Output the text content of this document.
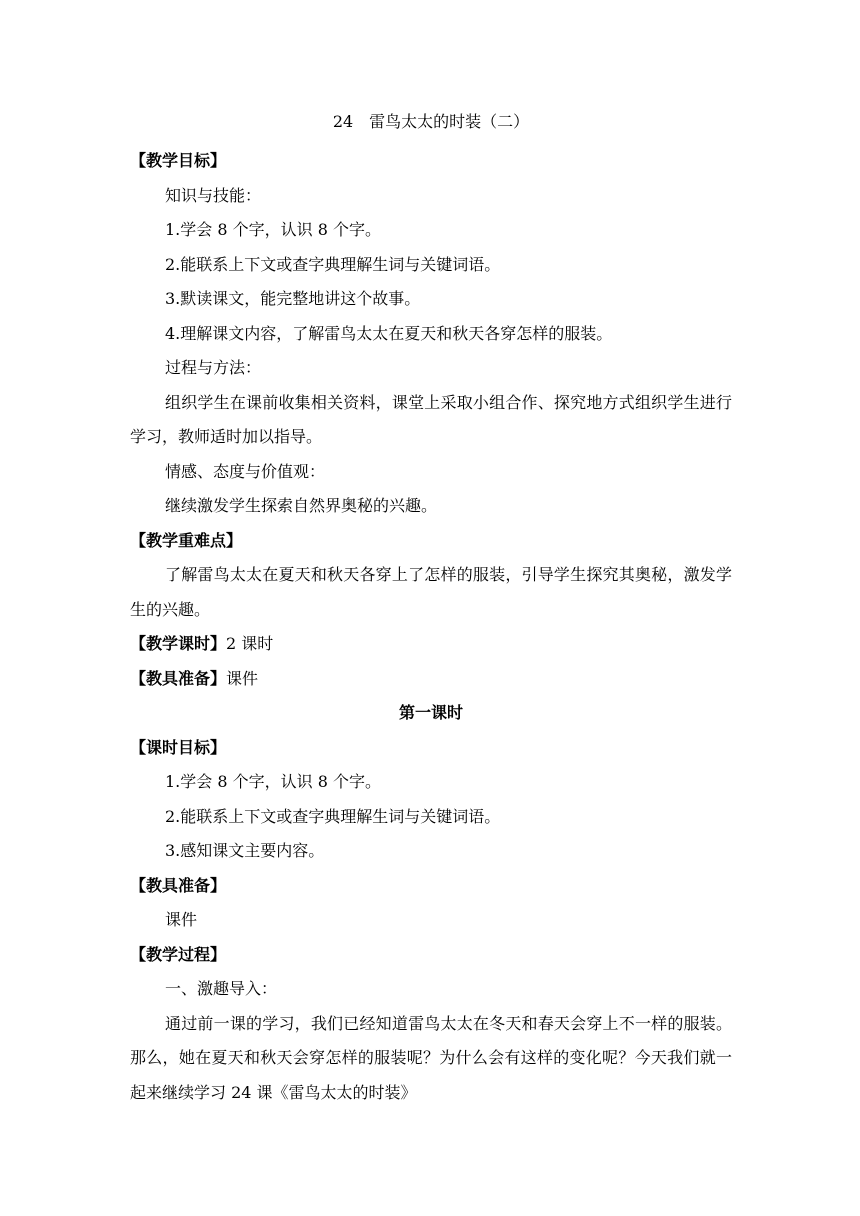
24　雷鸟太太的时装（二）
【教学目标】
知识与技能：
1.学会 8 个字，认识 8 个字。
2.能联系上下文或查字典理解生词与关键词语。
3.默读课文，能完整地讲这个故事。
4.理解课文内容，了解雷鸟太太在夏天和秋天各穿怎样的服装。
过程与方法：
组织学生在课前收集相关资料，课堂上采取小组合作、探究地方式组织学生进行学习，教师适时加以指导。
情感、态度与价值观：
继续激发学生探索自然界奥秘的兴趣。
【教学重难点】
了解雷鸟太太在夏天和秋天各穿上了怎样的服装，引导学生探究其奥秘，激发学生的兴趣。
【教学课时】2 课时
【教具准备】课件
第一课时
【课时目标】
1.学会 8 个字，认识 8 个字。
2.能联系上下文或查字典理解生词与关键词语。
3.感知课文主要内容。
【教具准备】
课件
【教学过程】
一、激趣导入：
通过前一课的学习，我们已经知道雷鸟太太在冬天和春天会穿上不一样的服装。那么，她在夏天和秋天会穿怎样的服装呢？为什么会有这样的变化呢？今天我们就一起来继续学习 24 课《雷鸟太太的时装》
